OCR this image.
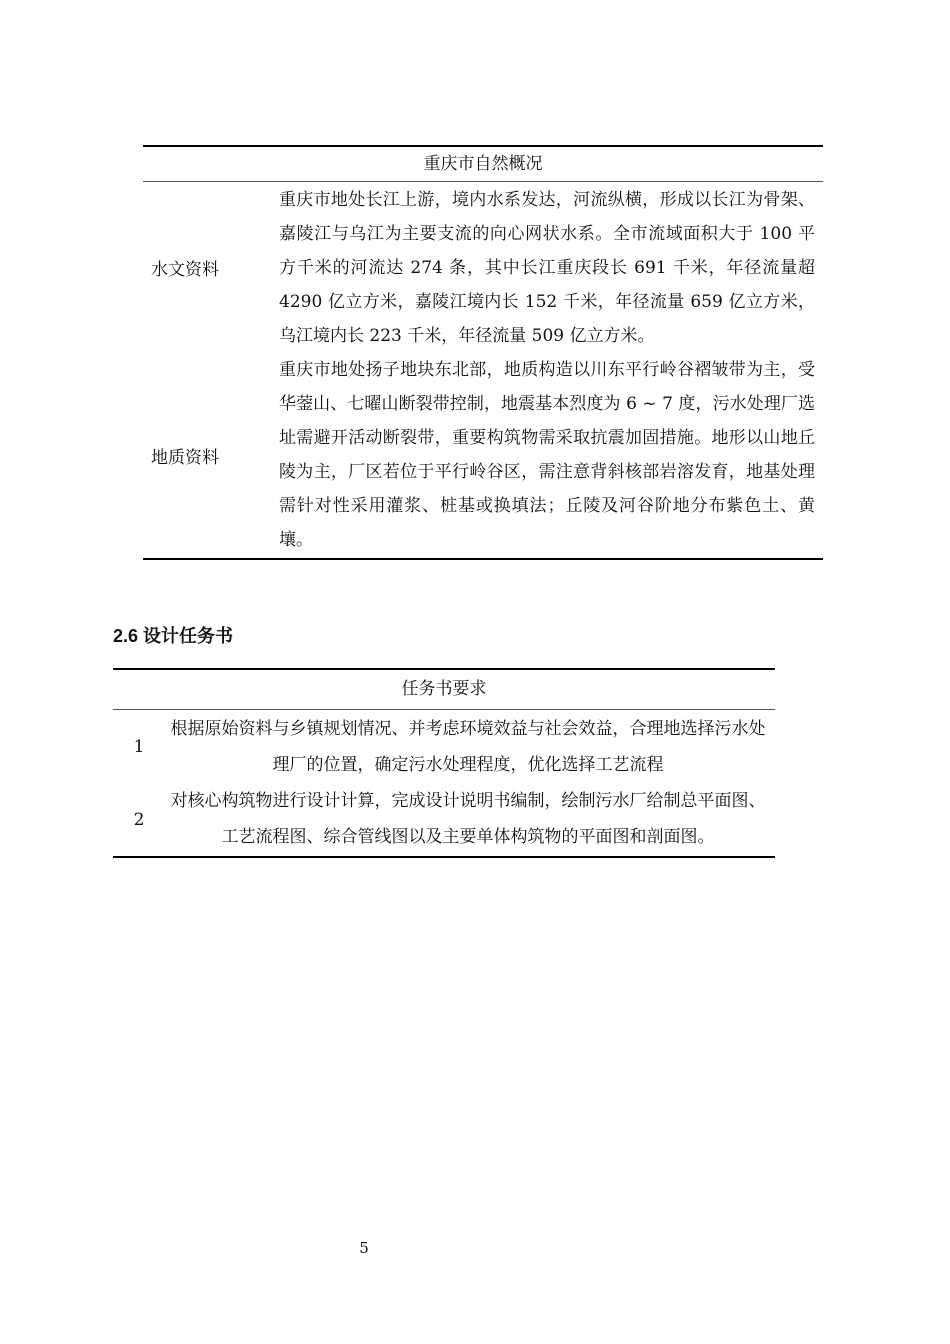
重庆市自然概况
水文资料
重庆市地处长江上游，境内水系发达，河流纵横，形成以长江为骨架、嘉陵江与乌江为主要支流的向心网状水系。全市流域面积大于 100 平方千米的河流达 274 条，其中长江重庆段长 691 千米，年径流量超 4290 亿立方米，嘉陵江境内长 152 千米，年径流量 659 亿立方米，乌江境内长 223 千米，年径流量 509 亿立方米。
地质资料
重庆市地处扬子地块东北部，地质构造以川东平行岭谷褶皱带为主，受华蓥山、七曜山断裂带控制，地震基本烈度为 6 ~ 7 度，污水处理厂选址需避开活动断裂带，重要构筑物需采取抗震加固措施。地形以山地丘陵为主，厂区若位于平行岭谷区，需注意背斜核部岩溶发育，地基处理需针对性采用灌浆、桩基或换填法；丘陵及河谷阶地分布紫色土、黄壤。
2.6 设计任务书
任务书要求
1
根据原始资料与乡镇规划情况、并考虑环境效益与社会效益，合理地选择污水处理厂的位置，确定污水处理程度，优化选择工艺流程
2
对核心构筑物进行设计计算，完成设计说明书编制，绘制污水厂给制总平面图、工艺流程图、综合管线图以及主要单体构筑物的平面图和剖面图。
5
